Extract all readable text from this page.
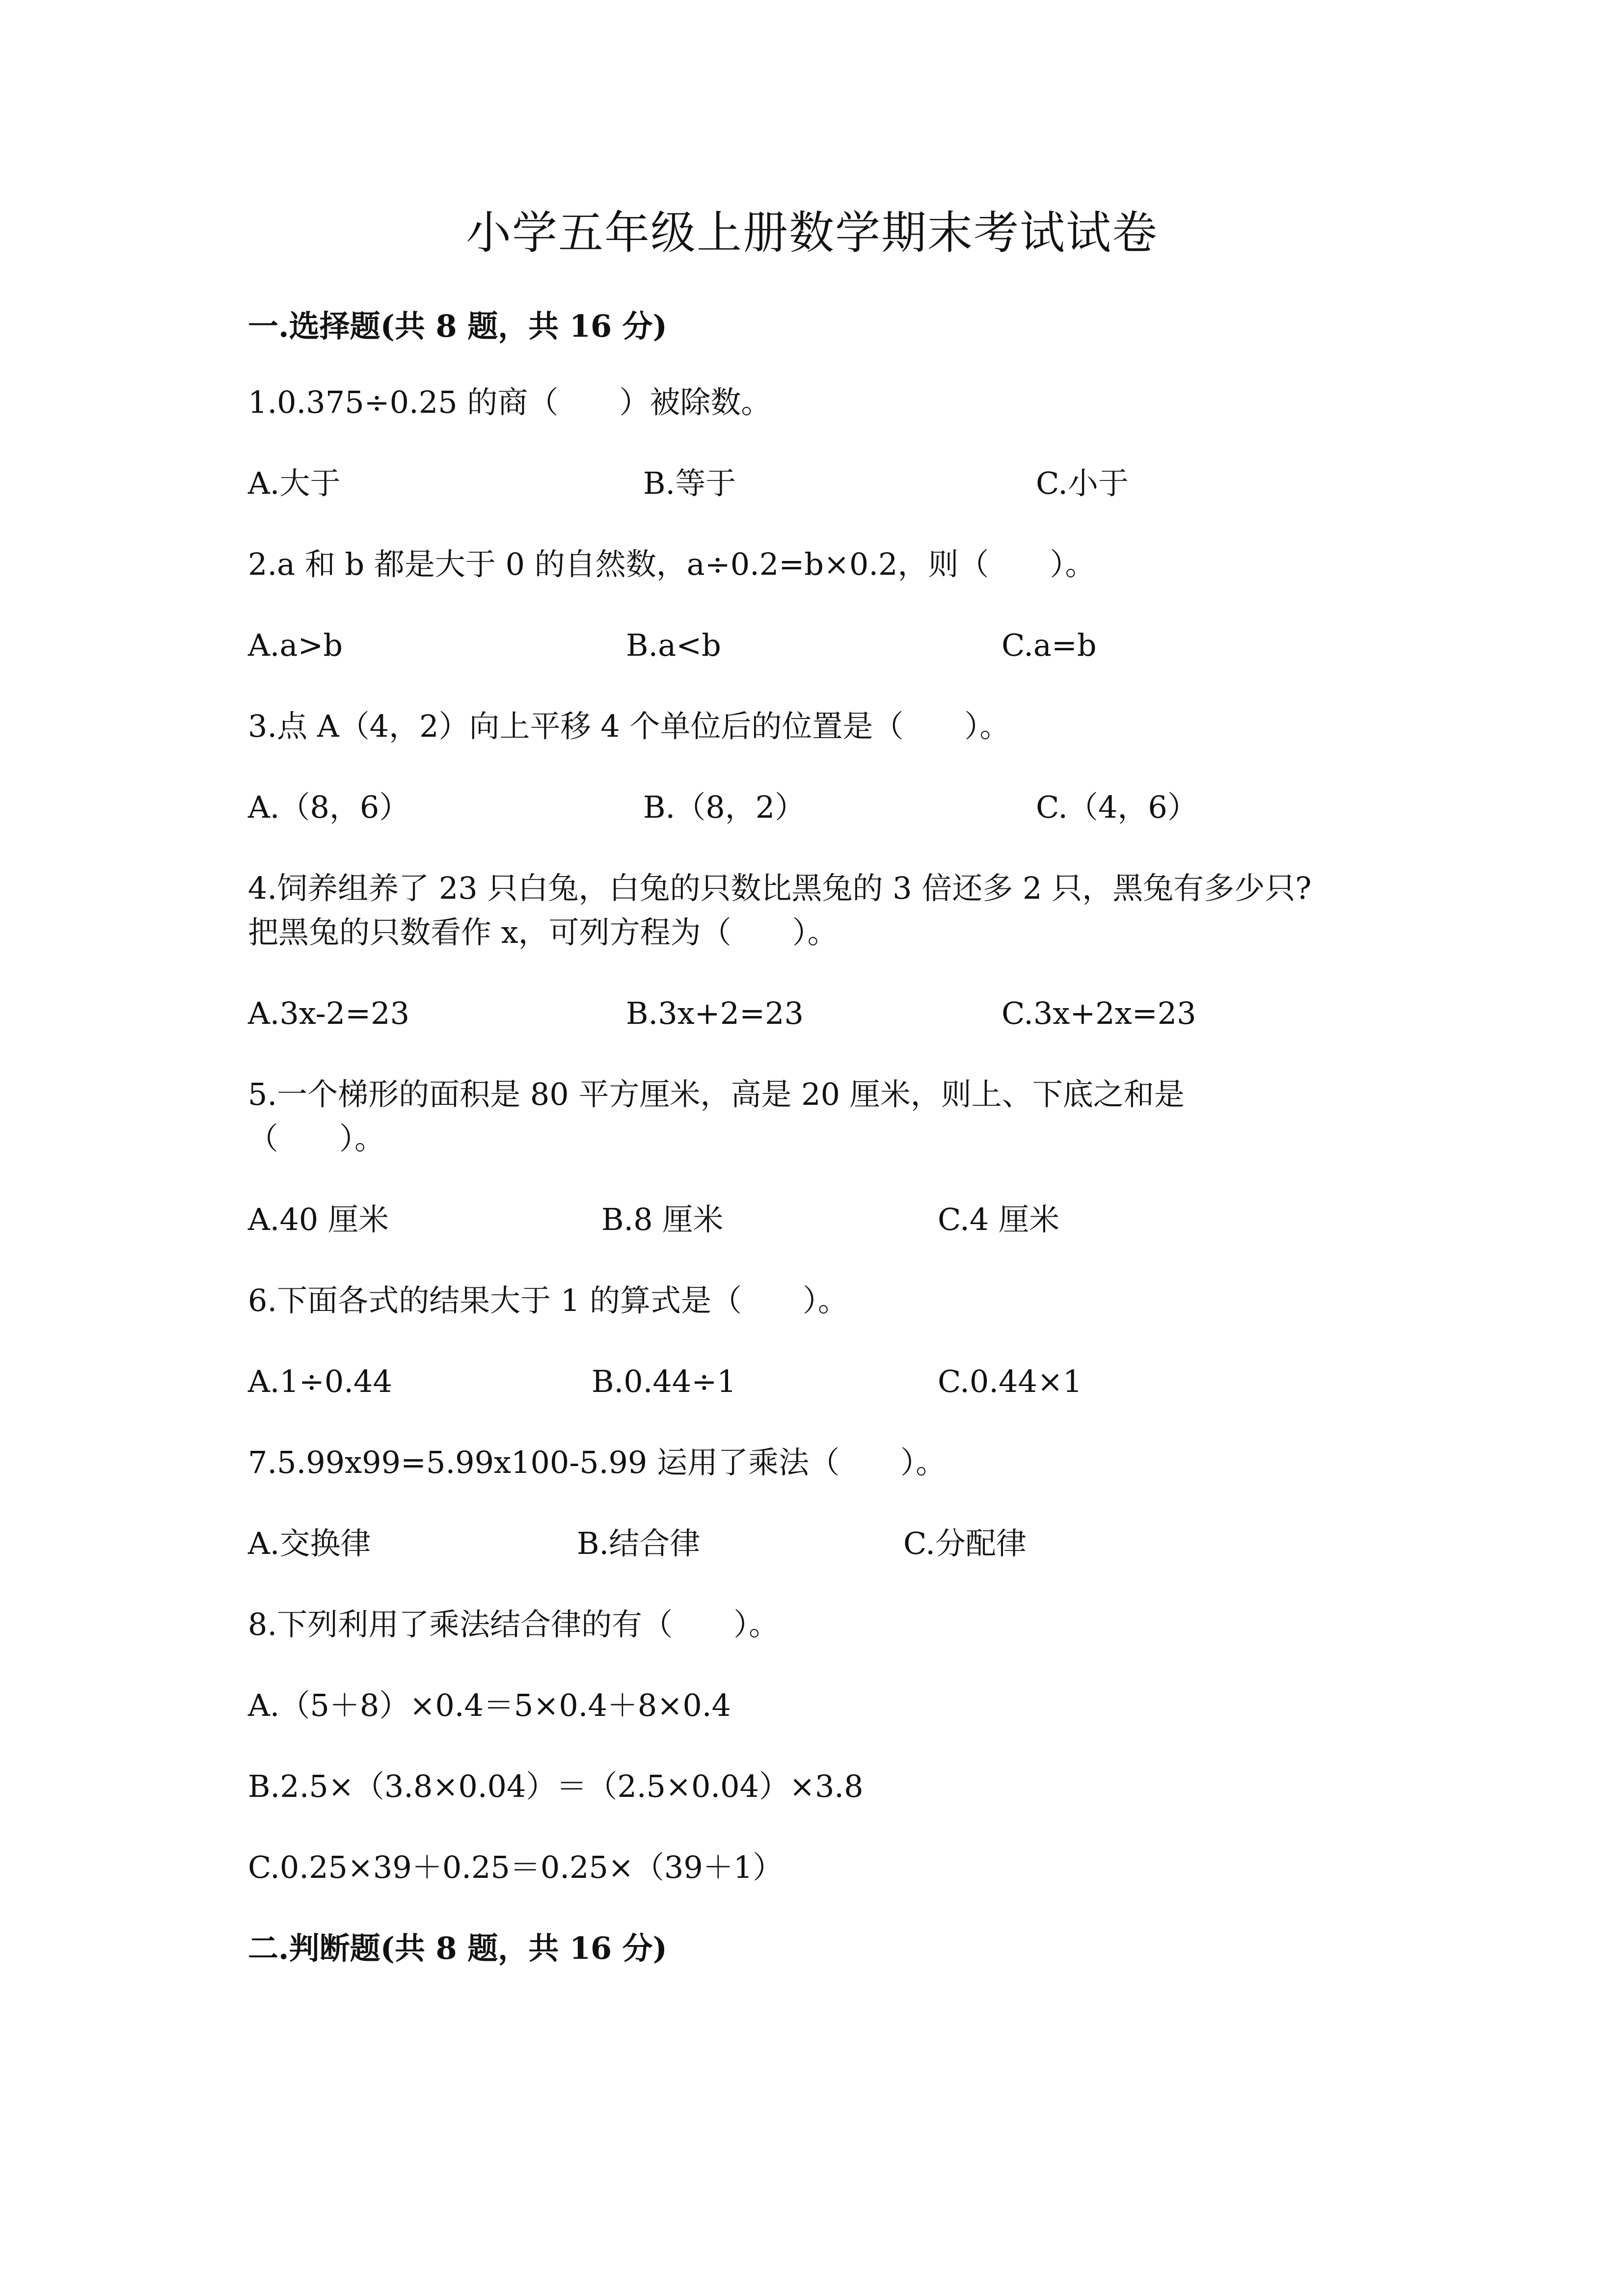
小学五年级上册数学期末考试试卷
一.选择题(共 8 题，共 16 分)
1.0.375÷0.25 的商（　　）被除数。
A.大于	B.等于	C.小于
2.a 和 b 都是大于 0 的自然数，a÷0.2=b×0.2，则（　　）。
A.a>b	B.a<b	C.a=b
3.点 A（4，2）向上平移 4 个单位后的位置是（　　）。
A.（8，6）	B.（8，2）	C.（4，6）
4.饲养组养了 23 只白兔，白兔的只数比黑兔的 3 倍还多 2 只，黑兔有多少只?
把黑兔的只数看作 x，可列方程为（　　）。
A.3x-2=23	B.3x+2=23	C.3x+2x=23
5.一个梯形的面积是 80 平方厘米，高是 20 厘米，则上、下底之和是
（　　）。
A.40 厘米	B.8 厘米	C.4 厘米
6.下面各式的结果大于 1 的算式是（　　）。
A.1÷0.44	B.0.44÷1	C.0.44×1
7.5.99x99=5.99x100-5.99 运用了乘法（　　）。
A.交换律	B.结合律	C.分配律
8.下列利用了乘法结合律的有（　　）。
A.（5＋8）×0.4＝5×0.4＋8×0.4
B.2.5×（3.8×0.04）＝（2.5×0.04）×3.8
C.0.25×39＋0.25＝0.25×（39＋1）
二.判断题(共 8 题，共 16 分)
